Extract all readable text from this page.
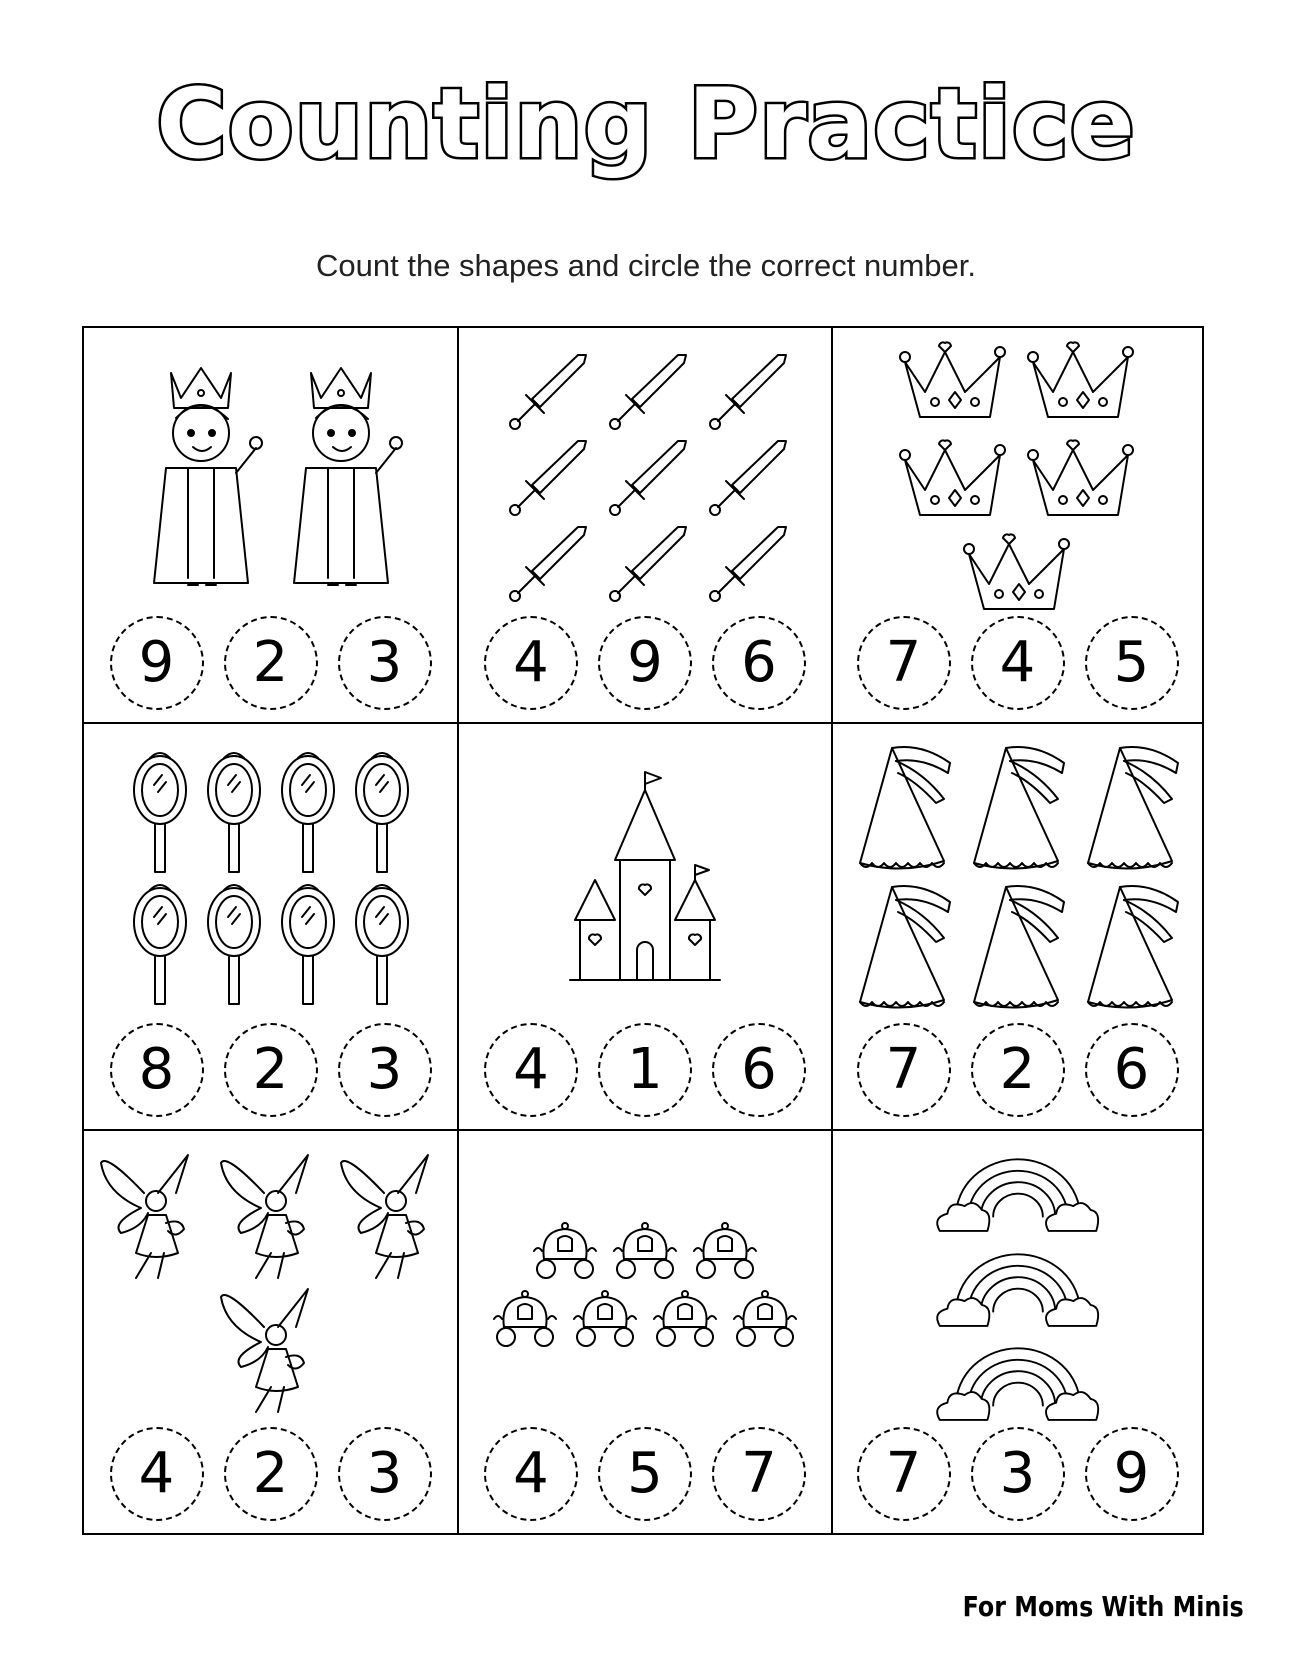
Counting Practice
Count the shapes and circle the correct number.
9	2	3	4	9	6	7	4	5
8	2	3	4	1	6	7	2	6
4	2	3	4	5	7	7	3	9
For Moms With Minis
